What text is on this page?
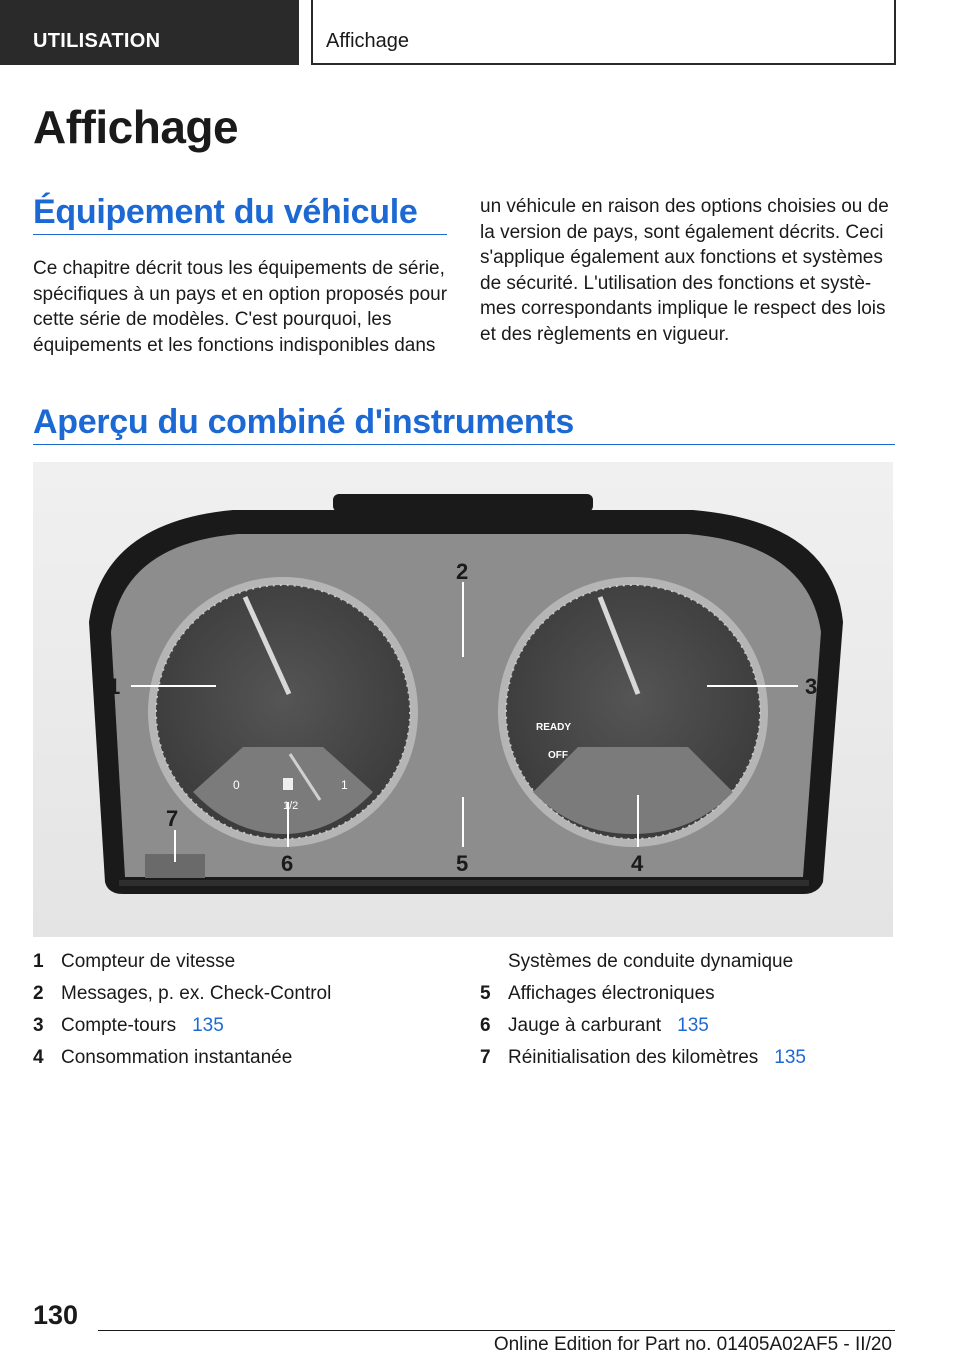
UTILISATION	Affichage
Affichage
Équipement du véhicule

Ce chapitre décrit tous les équipements de série, spécifiques à un pays et en option proposés pour cette série de modèles. C'est pourquoi, les équipements et les fonctions indisponibles dans

un véhicule en raison des options choisies ou de la version de pays, sont également décrits. Ceci s'applique également aux fonctions et systèmes de sécurité. L'utilisation des fonctions et systè‐mes correspondants implique le respect des lois et des règlements en vigueur.

Aperçu du combiné d'instruments
0
1/2
1
READY
OFF
1
2
3
4
5
6
7
1 Compteur de vitesse
2 Messages, p. ex. Check-Control
3 Compte-tours 135
4 Consommation instantanée
Systèmes de conduite dynamique
5 Affichages électroniques
6 Jauge à carburant 135
7 Réinitialisation des kilomètres 135
130
Online Edition for Part no. 01405A02AF5 - II/20
